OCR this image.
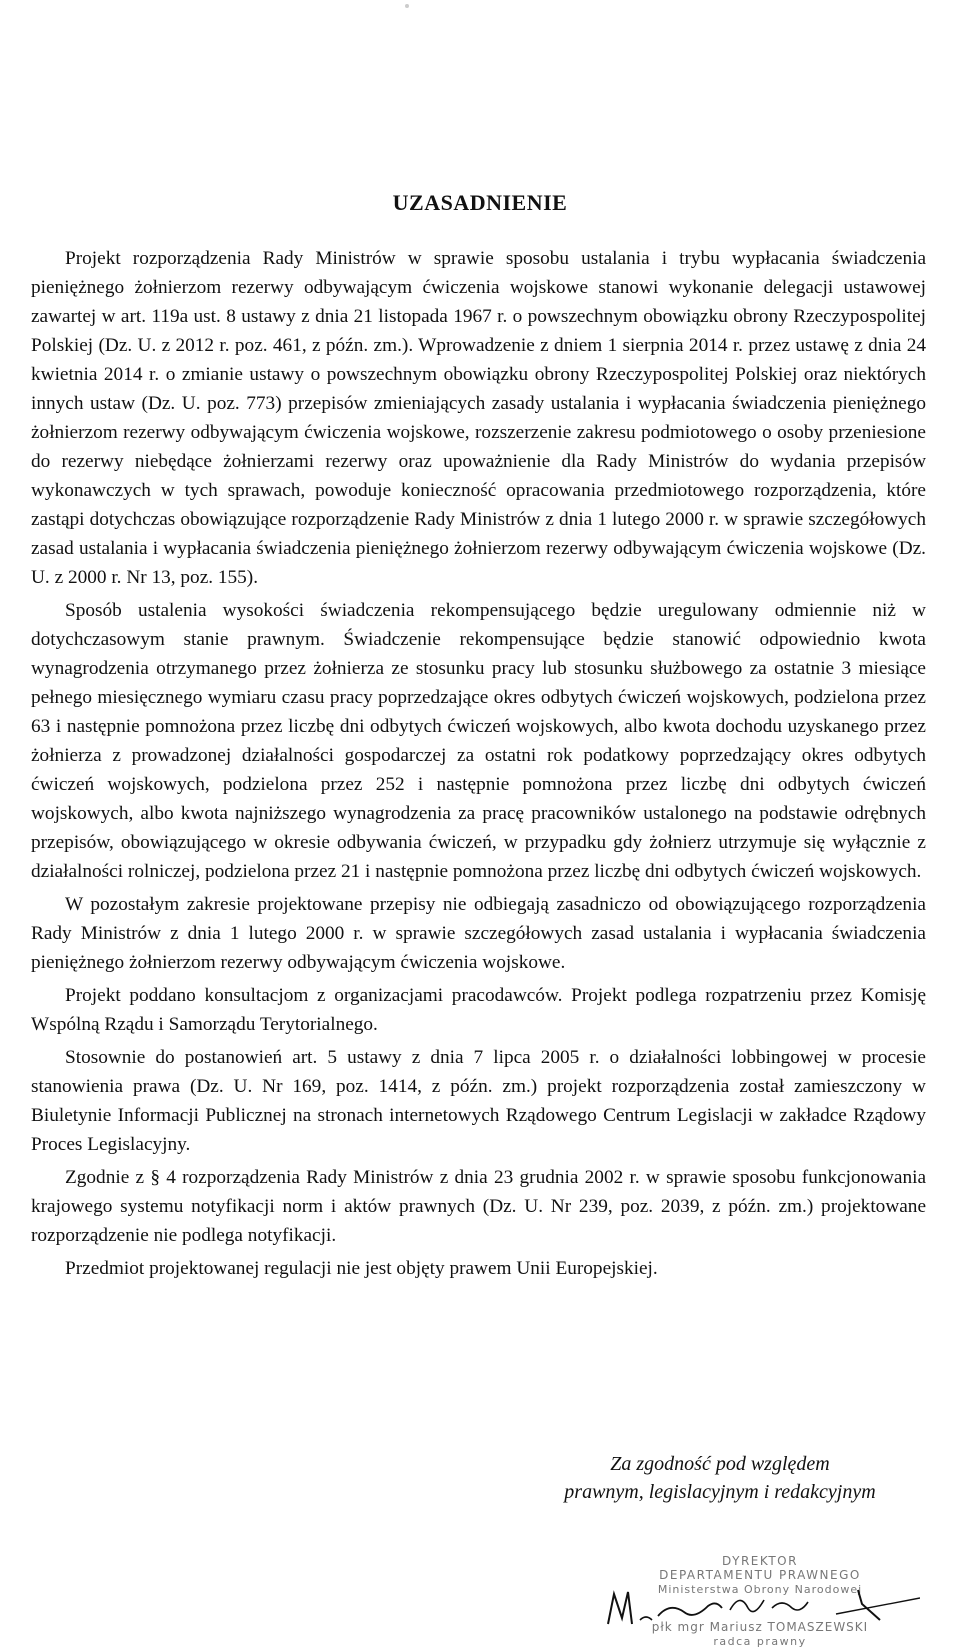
UZASADNIENIE

Projekt rozporządzenia Rady Ministrów w sprawie sposobu ustalania i trybu wypłacania świadczenia pieniężnego żołnierzom rezerwy odbywającym ćwiczenia wojskowe stanowi wykonanie delegacji ustawowej zawartej w art. 119a ust. 8 ustawy z dnia 21 listopada 1967 r. o powszechnym obowiązku obrony Rzeczypospolitej Polskiej (Dz. U. z 2012 r. poz. 461, z późn. zm.). Wprowadzenie z dniem 1 sierpnia 2014 r. przez ustawę z dnia 24 kwietnia 2014 r. o zmianie ustawy o powszechnym obowiązku obrony Rzeczypospolitej Polskiej oraz niektórych innych ustaw (Dz. U. poz. 773) przepisów zmieniających zasady ustalania i wypłacania świadczenia pieniężnego żołnierzom rezerwy odbywającym ćwiczenia wojskowe, rozszerzenie zakresu podmiotowego o osoby przeniesione do rezerwy niebędące żołnierzami rezerwy oraz upoważnienie dla Rady Ministrów do wydania przepisów wykonawczych w tych sprawach, powoduje konieczność opracowania przedmiotowego rozporządzenia, które zastąpi dotychczas obowiązujące rozporządzenie Rady Ministrów z dnia 1 lutego 2000 r. w sprawie szczegółowych zasad ustalania i wypłacania świadczenia pieniężnego żołnierzom rezerwy odbywającym ćwiczenia wojskowe (Dz. U. z 2000 r. Nr 13, poz. 155).

Sposób ustalenia wysokości świadczenia rekompensującego będzie uregulowany odmiennie niż w dotychczasowym stanie prawnym. Świadczenie rekompensujące będzie stanowić odpowiednio kwota wynagrodzenia otrzymanego przez żołnierza ze stosunku pracy lub stosunku służbowego za ostatnie 3 miesiące pełnego miesięcznego wymiaru czasu pracy poprzedzające okres odbytych ćwiczeń wojskowych, podzielona przez 63 i następnie pomnożona przez liczbę dni odbytych ćwiczeń wojskowych, albo kwota dochodu uzyskanego przez żołnierza z prowadzonej działalności gospodarczej za ostatni rok podatkowy poprzedzający okres odbytych ćwiczeń wojskowych, podzielona przez 252 i następnie pomnożona przez liczbę dni odbytych ćwiczeń wojskowych, albo kwota najniższego wynagrodzenia za pracę pracowników ustalonego na podstawie odrębnych przepisów, obowiązującego w okresie odbywania ćwiczeń, w przypadku gdy żołnierz utrzymuje się wyłącznie z działalności rolniczej, podzielona przez 21 i następnie pomnożona przez liczbę dni odbytych ćwiczeń wojskowych.

W pozostałym zakresie projektowane przepisy nie odbiegają zasadniczo od obowiązującego rozporządzenia Rady Ministrów z dnia 1 lutego 2000 r. w sprawie szczegółowych zasad ustalania i wypłacania świadczenia pieniężnego żołnierzom rezerwy odbywającym ćwiczenia wojskowe.

Projekt poddano konsultacjom z organizacjami pracodawców. Projekt podlega rozpatrzeniu przez Komisję Wspólną Rządu i Samorządu Terytorialnego.

Stosownie do postanowień art. 5 ustawy z dnia 7 lipca 2005 r. o działalności lobbingowej w procesie stanowienia prawa (Dz. U. Nr 169, poz. 1414, z późn. zm.) projekt rozporządzenia został zamieszczony w Biuletynie Informacji Publicznej na stronach internetowych Rządowego Centrum Legislacji w zakładce Rządowy Proces Legislacyjny.

Zgodnie z § 4 rozporządzenia Rady Ministrów z dnia 23 grudnia 2002 r. w sprawie sposobu funkcjonowania krajowego systemu notyfikacji norm i aktów prawnych (Dz. U. Nr 239, poz. 2039, z późn. zm.) projektowane rozporządzenie nie podlega notyfikacji.

Przedmiot projektowanej regulacji nie jest objęty prawem Unii Europejskiej.

Za zgodność pod względem
prawnym, legislacyjnym i redakcyjnym
DYREKTOR
DEPARTAMENTU PRAWNEGO
Ministerstwa Obrony Narodowej
płk mgr Mariusz TOMASZEWSKI
radca prawny
